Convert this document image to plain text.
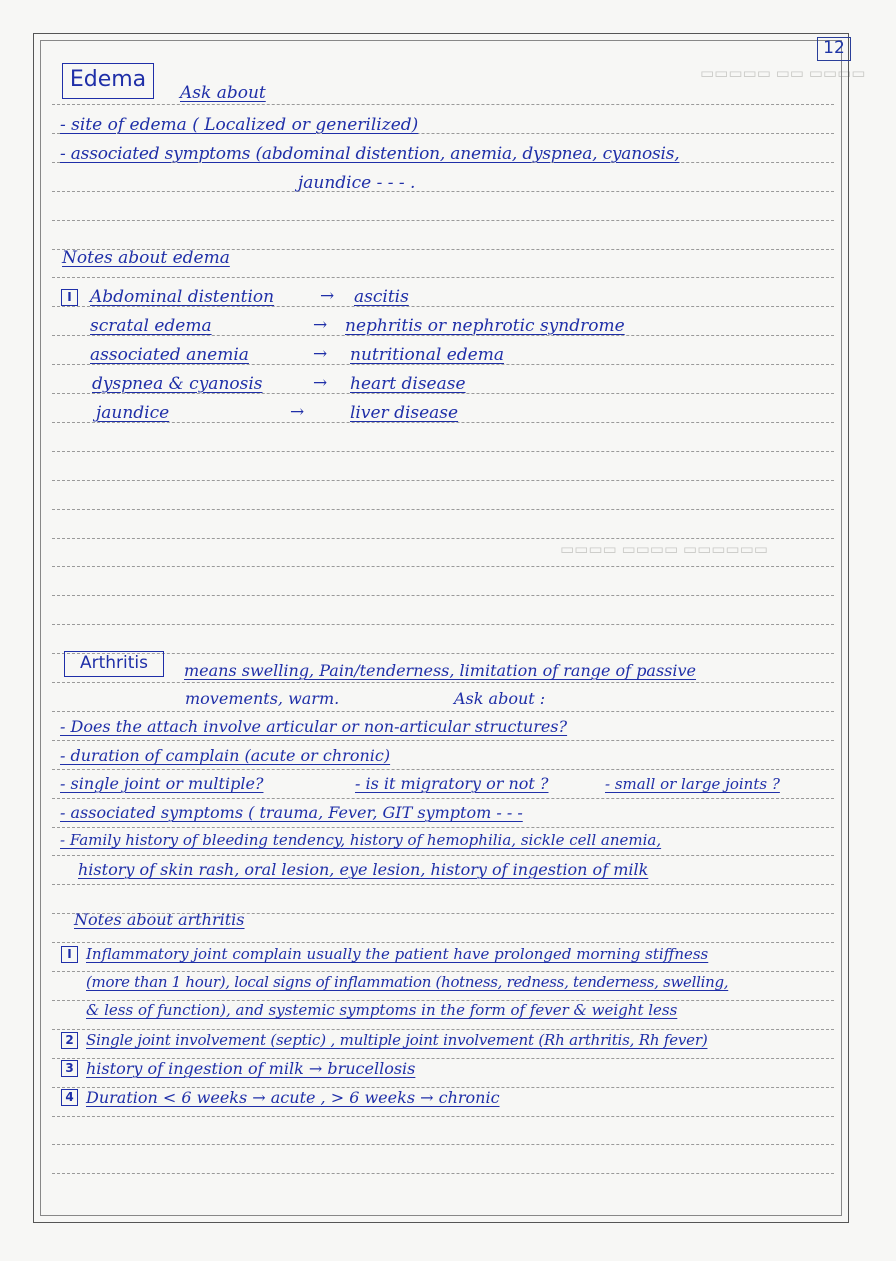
▭▭▭▭▭ ▭▭ ▭▭▭▭
▭▭▭▭ ▭▭▭▭ ▭▭▭▭▭▭
12
Edema
Ask about
- site of edema ( Localized or generilized)
- associated symptoms (abdominal distention, anemia, dyspnea, cyanosis,
jaundice - - - .
Notes about edema
I	Abdominal distention	→ ascitis
scratal edema	→ nephritis or nephrotic syndrome
associated anemia	→ nutritional edema
dyspnea & cyanosis	→ heart disease
jaundice	→	liver disease
Arthritis	means swelling, Pain/tenderness, limitation of range of passive
movements, warm.	Ask about :
- Does the attach involve articular or non-articular structures?
- duration of camplain (acute or chronic)
- single joint or multiple?	- is it migratory or not ?	- small or large joints ?
- associated symptoms ( trauma, Fever, GIT symptom - - -
- Family history of bleeding tendency, history of hemophilia, sickle cell anemia,
history of skin rash, oral lesion, eye lesion, history of ingestion of milk
Notes about arthritis
I Inflammatory joint complain usually the patient have prolonged morning stiffness
(more than 1 hour), local signs of inflammation (hotness, redness, tenderness, swelling,
& less of function), and systemic symptoms in the form of fever & weight less
2 Single joint involvement (septic) , multiple joint involvement (Rh arthritis, Rh fever)
3 history of ingestion of milk → brucellosis
4 Duration < 6 weeks → acute , > 6 weeks → chronic
